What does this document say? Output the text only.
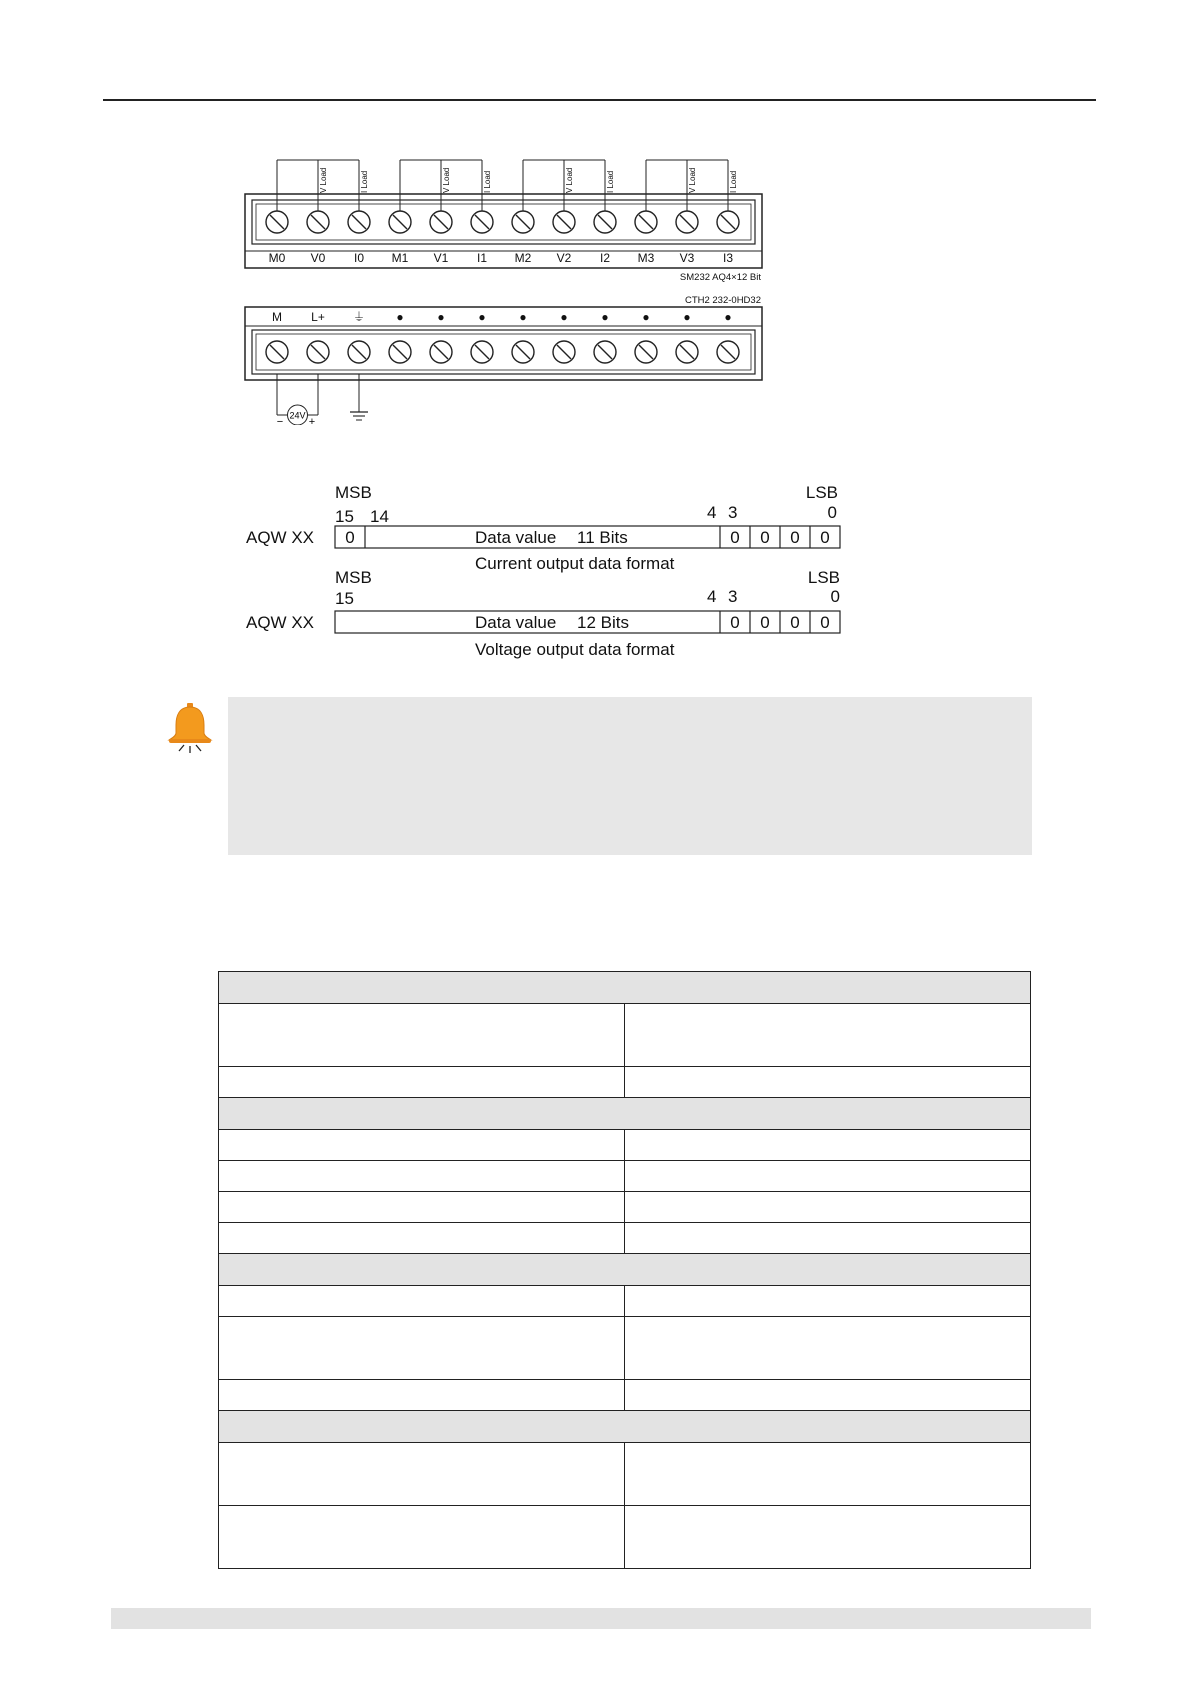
M0 V0 I0 M1 V1 I1 M2 V2 I2 M3 V3 I3
V Load	I Load	V Load	I Load	V Load	I Load	V Load	I Load
SM232 AQ4×12 Bit
CTH2 232-0HD32
M L+ ⏚	●	●	●	●	●	●	●	●	●
24V
− +
MSB	LSB
15 14	4 3	0
AQW XX 0	Data value 11 Bits	0 0 0 0
Current output data format
MSB	LSB
15	4 3	0
AQW XX	Data value 12 Bits	0 0 0 0
Voltage output data format
